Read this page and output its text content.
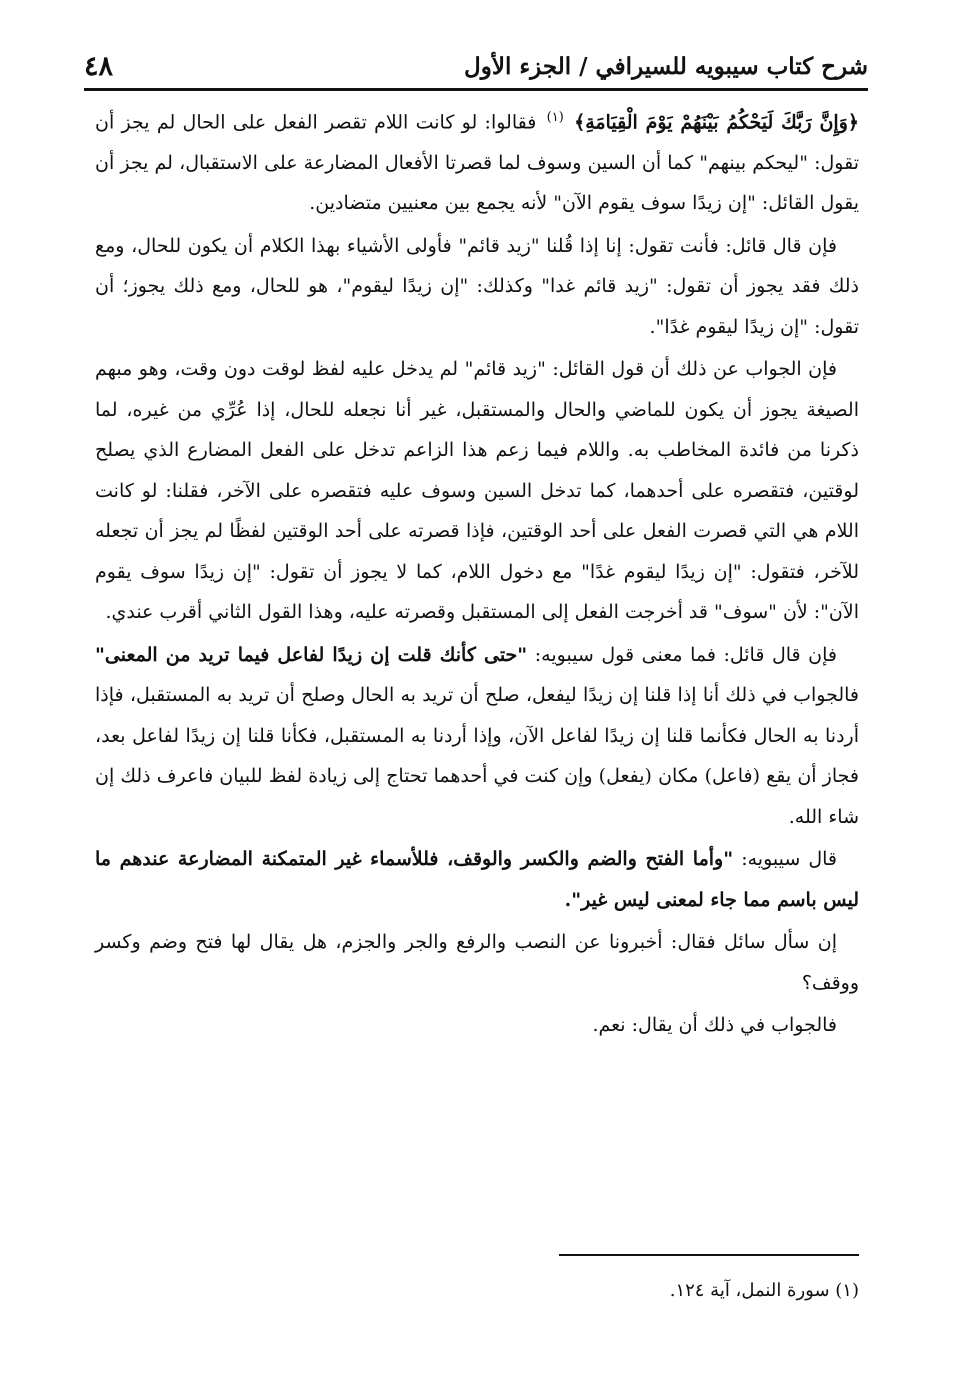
شرح كتاب سيبويه للسيرافي / الجزء الأول
٤٨

﴿وَإِنَّ رَبَّكَ لَيَحْكُمُ بَيْنَهُمْ يَوْمَ الْقِيَامَةِ﴾ $^{(١)}$ فقالوا: لو كانت اللام تقصر الفعل على الحال لم يجز أن تقول: "ليحكم بينهم" كما أن السين وسوف لما قصرتا الأفعال المضارعة على الاستقبال، لم يجز أن يقول القائل: "إن زيدًا سوف يقوم الآن" لأنه يجمع بين معنيين متضادين.

فإن قال قائل: فأنت تقول: إنا إذا قُلنا "زيد قائم" فأولى الأشياء بهذا الكلام أن يكون للحال، ومع ذلك فقد يجوز أن تقول: "زيد قائم غدا" وكذلك: "إن زيدًا ليقوم"، هو للحال، ومع ذلك يجوز؛ أن تقول: "إن زيدًا ليقوم غدًا".

فإن الجواب عن ذلك أن قول القائل: "زيد قائم" لم يدخل عليه لفظ لوقت دون وقت، وهو مبهم الصيغة يجوز أن يكون للماضي والحال والمستقبل، غير أنا نجعله للحال، إذا عُرِّي من غيره، لما ذكرنا من فائدة المخاطب به. واللام فيما زعم هذا الزاعم تدخل على الفعل المضارع الذي يصلح لوقتين، فتقصره على أحدهما، كما تدخل السين وسوف عليه فتقصره على الآخر، فقلنا: لو كانت اللام هي التي قصرت الفعل على أحد الوقتين، فإذا قصرته على أحد الوقتين لفظًا لم يجز أن تجعله للآخر، فتقول: "إن زيدًا ليقوم غدًا" مع دخول اللام، كما لا يجوز أن تقول: "إن زيدًا سوف يقوم الآن": لأن "سوف" قد أخرجت الفعل إلى المستقبل وقصرته عليه، وهذا القول الثاني أقرب عندي.

فإن قال قائل: فما معنى قول سيبويه: "حتى كأنك قلت إن زيدًا لفاعل فيما تريد من المعنى" فالجواب في ذلك أنا إذا قلنا إن زيدًا ليفعل، صلح أن تريد به الحال وصلح أن تريد به المستقبل، فإذا أردنا به الحال فكأنما قلنا إن زيدًا لفاعل الآن، وإذا أردنا به المستقبل، فكأنا قلنا إن زيدًا لفاعل بعد، فجاز أن يقع (فاعل) مكان (يفعل) وإن كنت في أحدهما تحتاج إلى زيادة لفظ للبيان فاعرف ذلك إن شاء الله.

قال سيبويه: "وأما الفتح والضم والكسر والوقف، فللأسماء غير المتمكنة المضارعة عندهم ما ليس باسم مما جاء لمعنى ليس غير".

إن سأل سائل فقال: أخبرونا عن النصب والرفع والجر والجزم، هل يقال لها فتح وضم وكسر ووقف؟

فالجواب في ذلك أن يقال: نعم.

(١) سورة النمل، آية ١٢٤.
